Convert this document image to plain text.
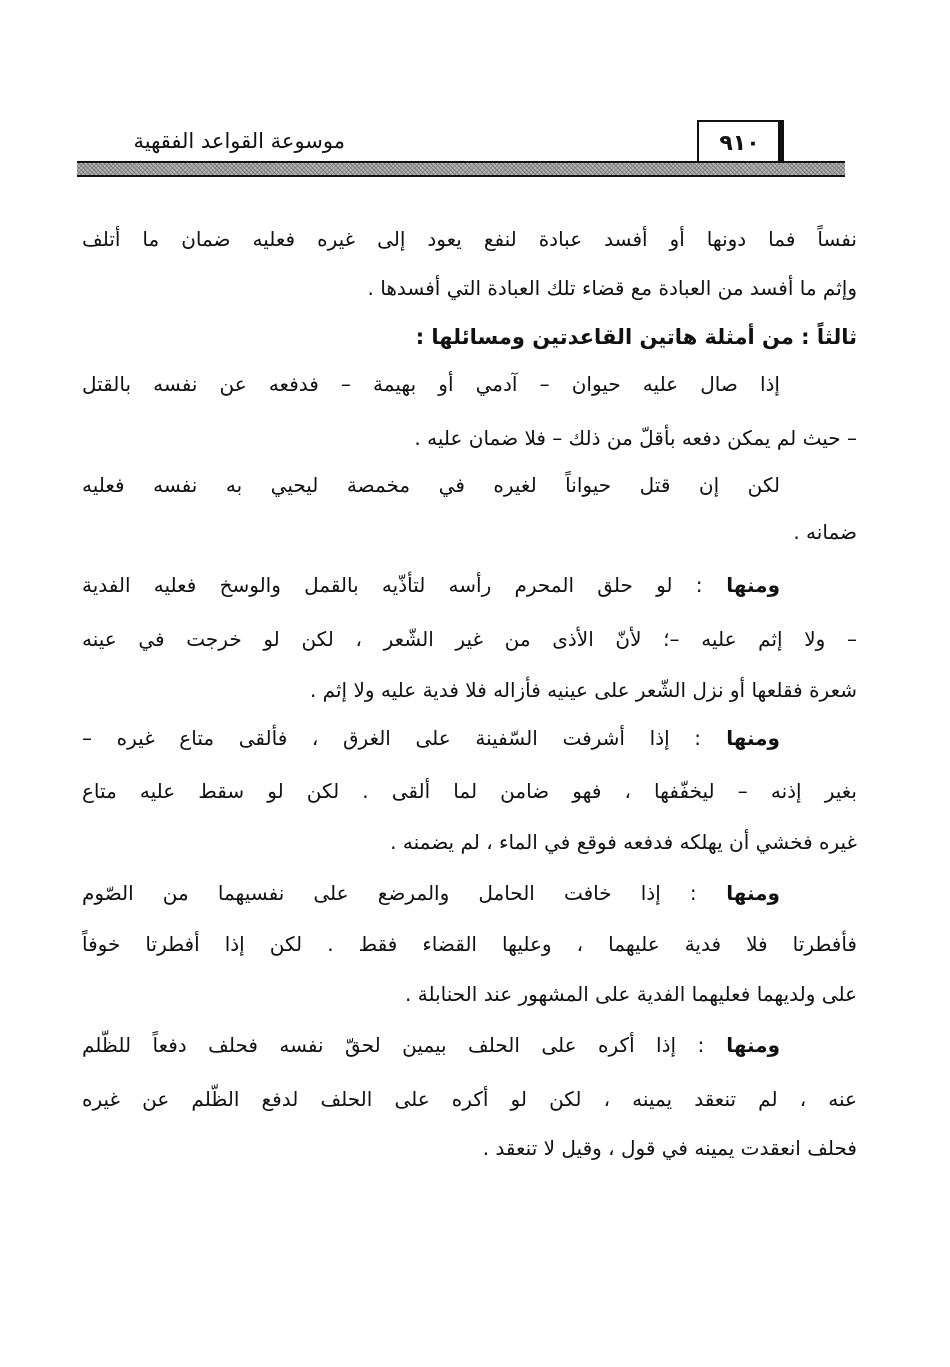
موسوعة القواعد الفقهية	٩١٠
نفساً فما دونها أو أفسد عبادة لنفع يعود إلى غيره فعليه ضمان ما أتلف
وإثم ما أفسد من العبادة مع قضاء تلك العبادة التي أفسدها .
ثالثاً : من أمثلة هاتين القاعدتين ومسائلها :
إذا صال عليه حيوان – آدمي أو بهيمة – فدفعه عن نفسه بالقتل
– حيث لم يمكن دفعه بأقلّ من ذلك – فلا ضمان عليه .
لكن إن قتل حيواناً لغيره في مخمصة ليحيي به نفسه فعليه
ضمانه .
ومنها : لو حلق المحرم رأسه لتأذّيه بالقمل والوسخ فعليه الفدية
– ولا إثم عليه –؛ لأنّ الأذى من غير الشّعر ، لكن لو خرجت في عينه
شعرة فقلعها أو نزل الشّعر على عينيه فأزاله فلا فدية عليه ولا إثم .
ومنها : إذا أشرفت السّفينة على الغرق ، فألقى متاع غيره –
بغير إذنه – ليخفّفها ، فهو ضامن لما ألقى . لكن لو سقط عليه متاع
غيره فخشي أن يهلكه فدفعه فوقع في الماء ، لم يضمنه .
ومنها : إذا خافت الحامل والمرضع على نفسيهما من الصّوم
فأفطرتا فلا فدية عليهما ، وعليها القضاء فقط . لكن إذا أفطرتا خوفاً
على ولديهما فعليهما الفدية على المشهور عند الحنابلة .
ومنها : إذا أكره على الحلف بيمين لحقّ نفسه فحلف دفعاً للظّلم
عنه ، لم تنعقد يمينه ، لكن لو أكره على الحلف لدفع الظّلم عن غيره
فحلف انعقدت يمينه في قول ، وقيل لا تنعقد .
